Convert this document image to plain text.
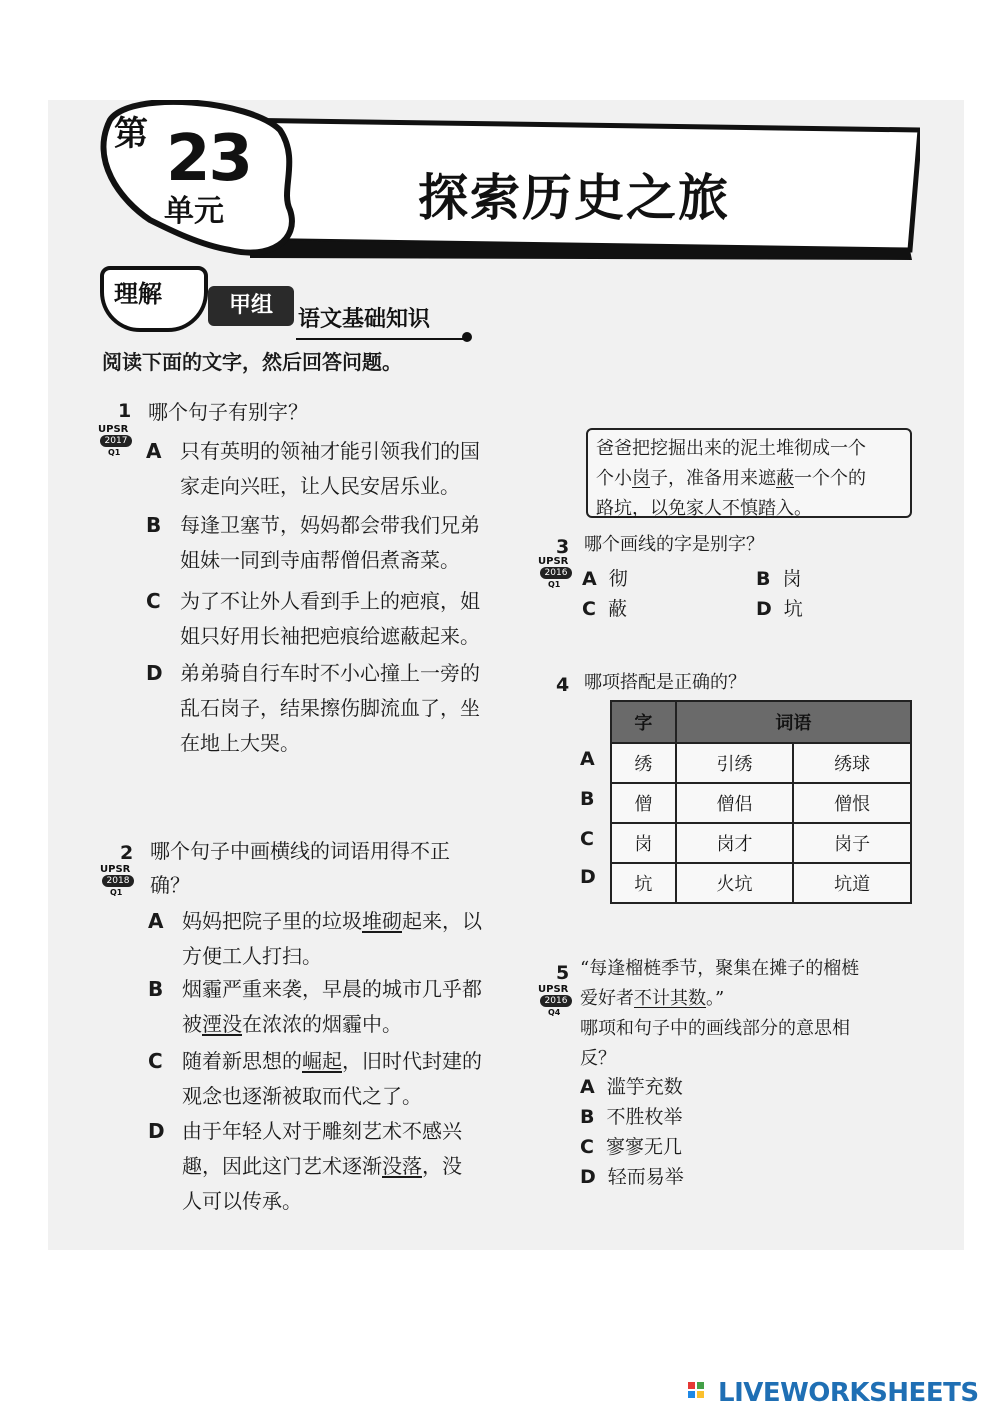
第 23
单元	探索历史之旅
理解	甲组
语文基础知识
阅读下面的文字，然后回答问题。
1 哪个句子有别字？
UPSR
2017
Q1 A 只有英明的领袖才能引领我们的国
家走向兴旺，让人民安居乐业。
B 每逢卫塞节，妈妈都会带我们兄弟
姐妹一同到寺庙帮僧侣煮斋菜。
C 为了不让外人看到手上的疤痕，姐
姐只好用长袖把疤痕给遮蔽起来。
D 弟弟骑自行车时不小心撞上一旁的
乱石岗子，结果擦伤脚流血了，坐
在地上大哭。
2 哪个句子中画横线的词语用得不正
确？
UPSR
2018
Q1
A 妈妈把院子里的垃圾堆砌起来，以
方便工人打扫。
B 烟霾严重来袭，早晨的城市几乎都
被湮没在浓浓的烟霾中。
C 随着新思想的崛起，旧时代封建的
观念也逐渐被取而代之了。
D 由于年轻人对于雕刻艺术不感兴
趣，因此这门艺术逐渐没落，没
人可以传承。
爸爸把挖掘出来的泥土堆彻成一个
个小岗子，准备用来遮蔽一个个的
路坑，以免家人不慎踏入。
3 哪个画线的字是别字？
UPSR
2016
Q1 A 彻	B 岗
C 蔽	D 坑
4 哪项搭配是正确的？
字	词语	
绣	引绣	绣球
僧	僧侣	僧恨
岗	岗才	岗子
坑	火坑	坑道
A
B
C
D
5 “每逢榴梿季节，聚集在摊子的榴梿
爱好者不计其数。”
哪项和句子中的画线部分的意思相
反？
UPSR
2016
Q4
A 滥竽充数
B 不胜枚举
C 寥寥无几
D 轻而易举
LIVEWORKSHEETS
